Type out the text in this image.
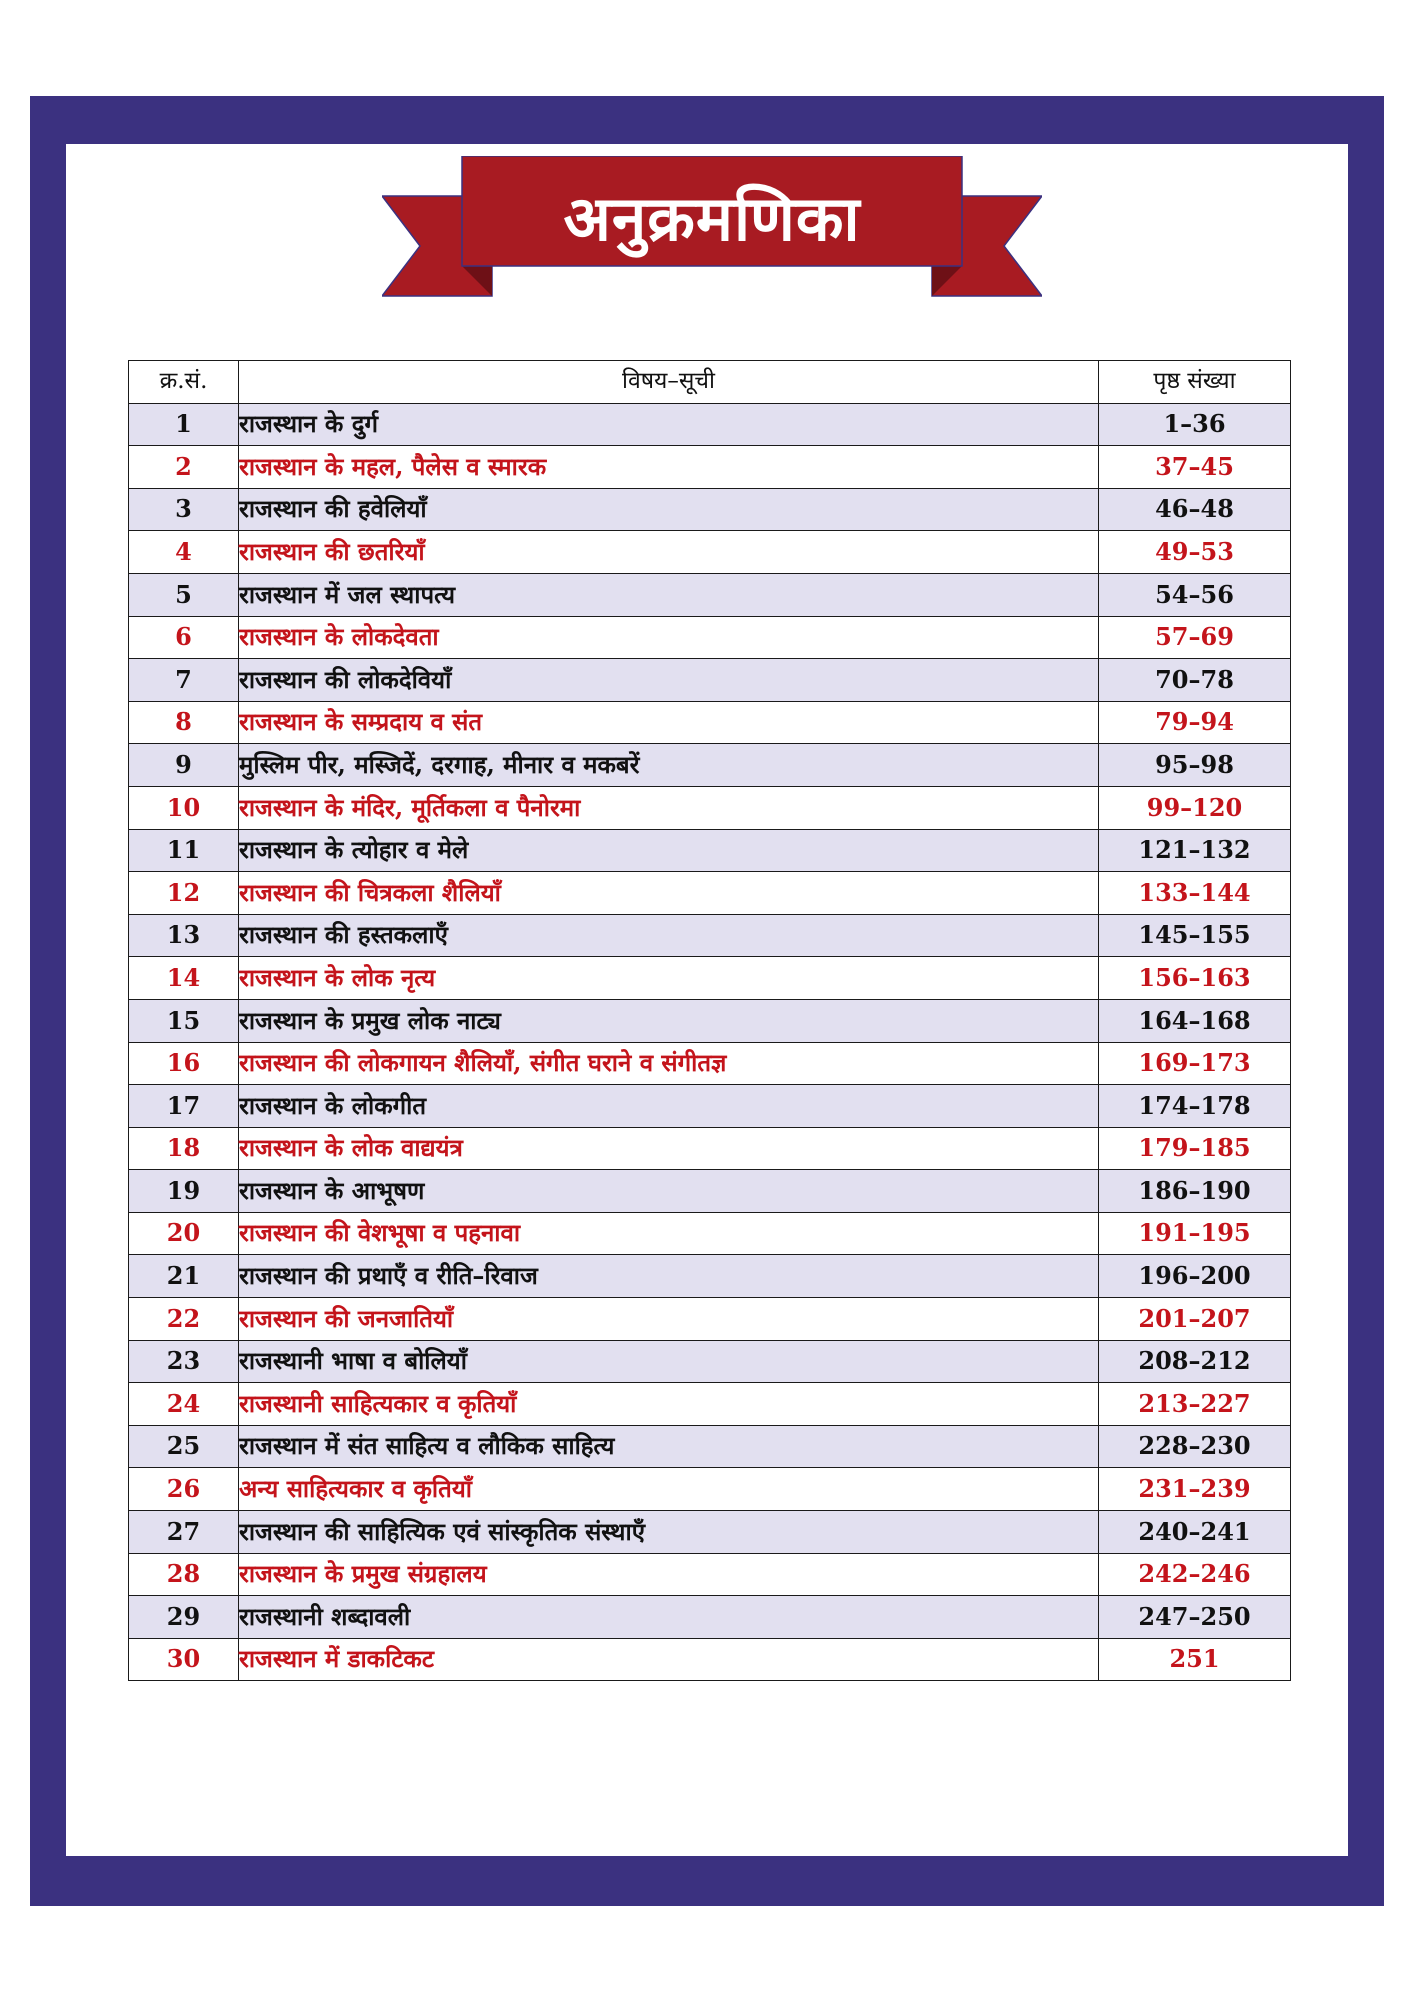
अनुक्रमणिका
क्र.सं.	विषय–सूची	पृष्ठ संख्या
1	राजस्थान के दुर्ग	1–36
2	राजस्थान के महल, पैलेस व स्मारक	37–45
3	राजस्थान की हवेलियाँ	46–48
4	राजस्थान की छतरियाँ	49–53
5	राजस्थान में जल स्थापत्य	54–56
6	राजस्थान के लोकदेवता	57–69
7	राजस्थान की लोकदेवियाँ	70–78
8	राजस्थान के सम्प्रदाय व संत	79–94
9	मुस्लिम पीर, मस्जिदें, दरगाह, मीनार व मकबरें	95–98
10	राजस्थान के मंदिर, मूर्तिकला व पैनोरमा	99–120
11	राजस्थान के त्योहार व मेले	121–132
12	राजस्थान की चित्रकला शैलियाँ	133–144
13	राजस्थान की हस्तकलाएँ	145–155
14	राजस्थान के लोक नृत्य	156–163
15	राजस्थान के प्रमुख लोक नाट्य	164–168
16	राजस्थान की लोकगायन शैलियाँ, संगीत घराने व संगीतज्ञ	169–173
17	राजस्थान के लोकगीत	174–178
18	राजस्थान के लोक वाद्ययंत्र	179–185
19	राजस्थान के आभूषण	186–190
20	राजस्थान की वेशभूषा व पहनावा	191–195
21	राजस्थान की प्रथाएँ व रीति–रिवाज	196–200
22	राजस्थान की जनजातियाँ	201–207
23	राजस्थानी भाषा व बोलियाँ	208–212
24	राजस्थानी साहित्यकार व कृतियाँ	213–227
25	राजस्थान में संत साहित्य व लौकिक साहित्य	228–230
26	अन्य साहित्यकार व कृतियाँ	231–239
27	राजस्थान की साहित्यिक एवं सांस्कृतिक संस्थाएँ	240–241
28	राजस्थान के प्रमुख संग्रहालय	242–246
29	राजस्थानी शब्दावली	247–250
30	राजस्थान में डाकटिकट	251
